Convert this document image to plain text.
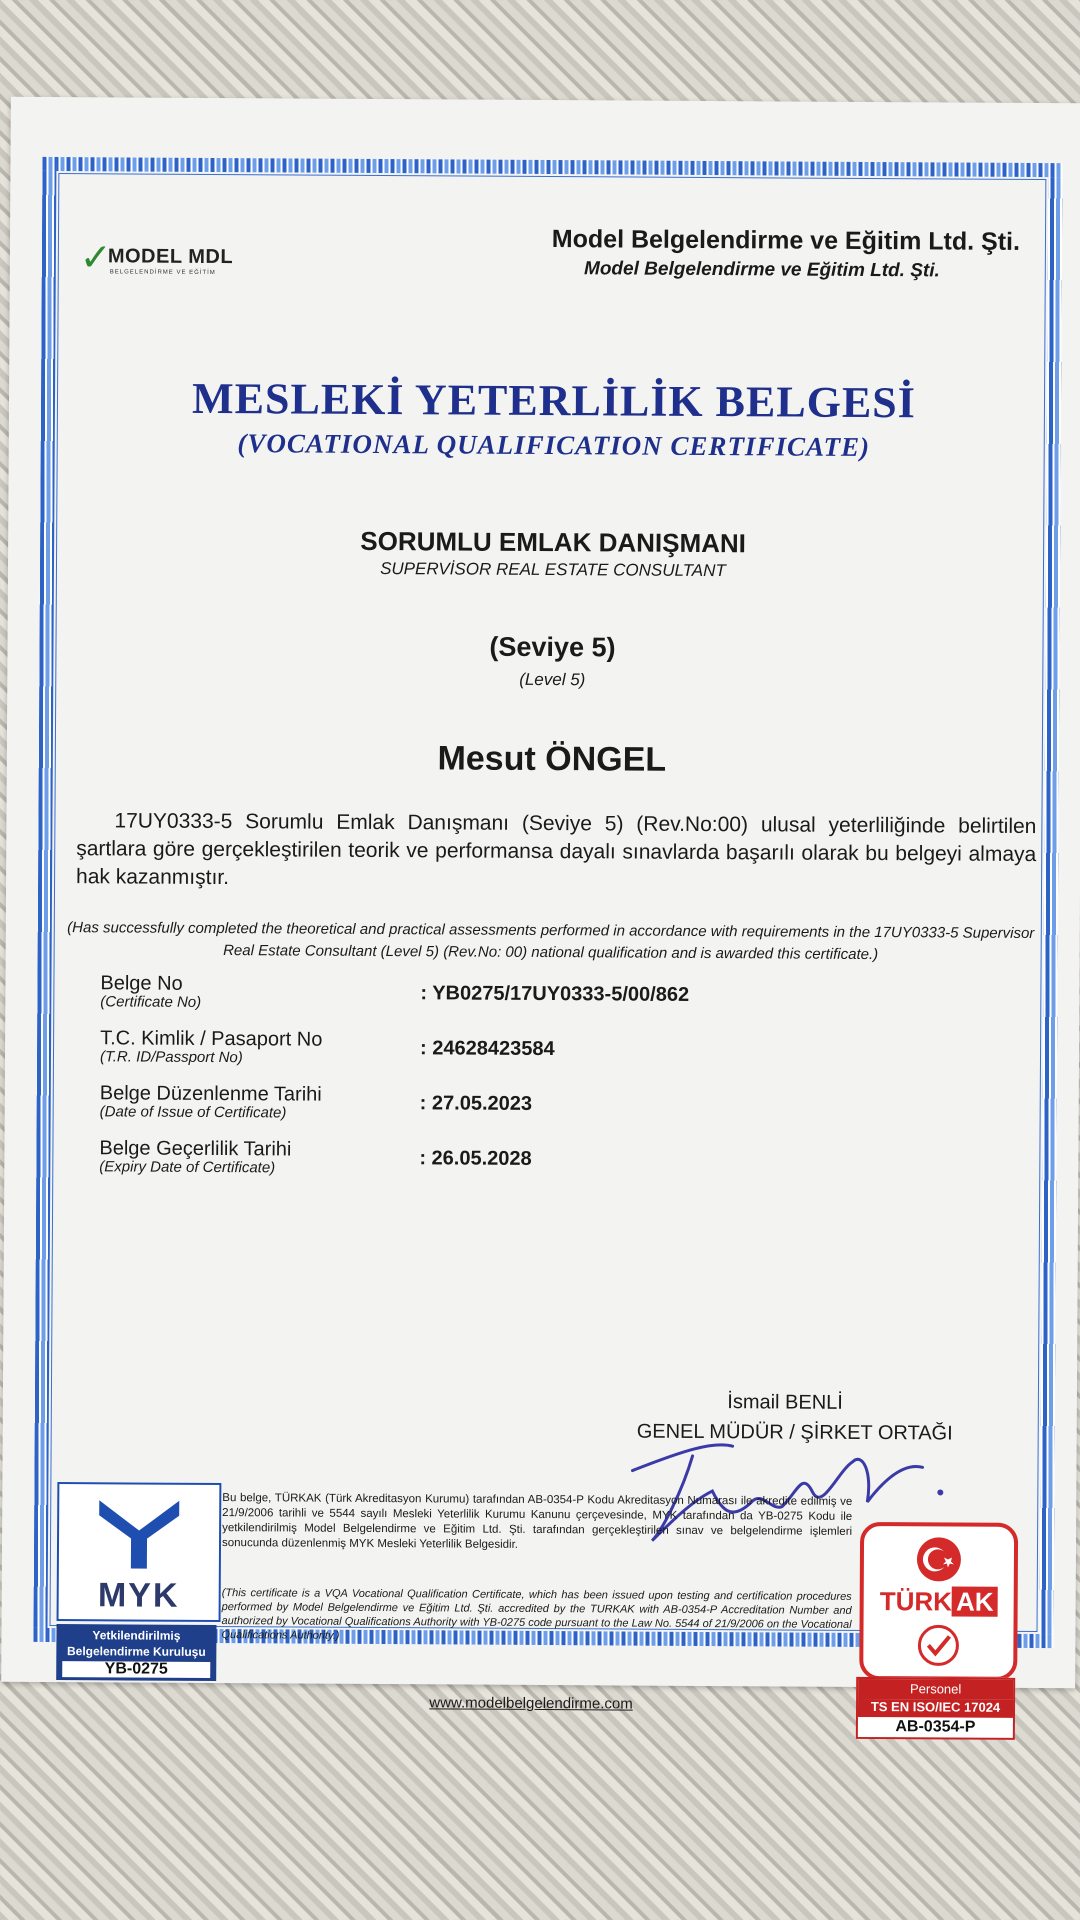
✓
MODEL MDL
BELGELENDİRME VE EĞİTİM
Model Belgelendirme ve Eğitim Ltd. Şti.
Model Belgelendirme ve Eğitim Ltd. Şti.
MESLEKİ YETERLİLİK BELGESİ
(VOCATIONAL QUALIFICATION CERTIFICATE)
SORUMLU EMLAK DANIŞMANI
SUPERVİSOR REAL ESTATE CONSULTANT
(Seviye 5)
(Level 5)
Mesut ÖNGEL
17UY0333-5 Sorumlu Emlak Danışmanı (Seviye 5) (Rev.No:00) ulusal yeterliliğinde belirtilen şartlara göre gerçekleştirilen teorik ve performansa dayalı sınavlarda başarılı olarak bu belgeyi almaya hak kazanmıştır.
(Has successfully completed the theoretical and practical assessments performed in accordance with requirements in the 17UY0333-5 Supervisor Real Estate Consultant (Level 5) (Rev.No: 00) national qualification and is awarded this certificate.)
Belge No
(Certificate No)	: YB0275/17UY0333-5/00/862
T.C. Kimlik / Pasaport No
(T.R. ID/Passport No)	: 24628423584
Belge Düzenlenme Tarihi
(Date of Issue of Certificate)	: 27.05.2023
Belge Geçerlilik Tarihi
(Expiry Date of Certificate)	: 26.05.2028
İsmail BENLİ
GENEL MÜDÜR / ŞİRKET ORTAĞI
MYK
Yetkilendirilmiş
Belgelendirme Kuruluşu
YB-0275
Bu belge, TÜRKAK (Türk Akreditasyon Kurumu) tarafından AB-0354-P Kodu Akreditasyon Numarası ile akredite edilmiş ve 21/9/2006 tarihli ve 5544 sayılı Mesleki Yeterlilik Kurumu Kanunu çerçevesinde, MYK tarafından da YB-0275 Kodu ile yetkilendirilmiş Model Belgelendirme ve Eğitim Ltd. Şti. tarafından gerçekleştirilen sınav ve belgelendirme işlemleri sonucunda düzenlenmiş MYK Mesleki Yeterlilik Belgesidir.
(This certificate is a VQA Vocational Qualification Certificate, which has been issued upon testing and certification procedures performed by Model Belgelendirme ve Eğitim Ltd. Şti. accredited by the TURKAK with AB-0354-P Accreditation Number and authorized by Vocational Qualifications Authority with YB-0275 code pursuant to the Law No. 5544 of 21/9/2006 on the Vocational Qualifications Authority.)
www.modelbelgelendirme.com
TÜRK AK
Personel
TS EN ISO/IEC 17024
AB-0354-P
